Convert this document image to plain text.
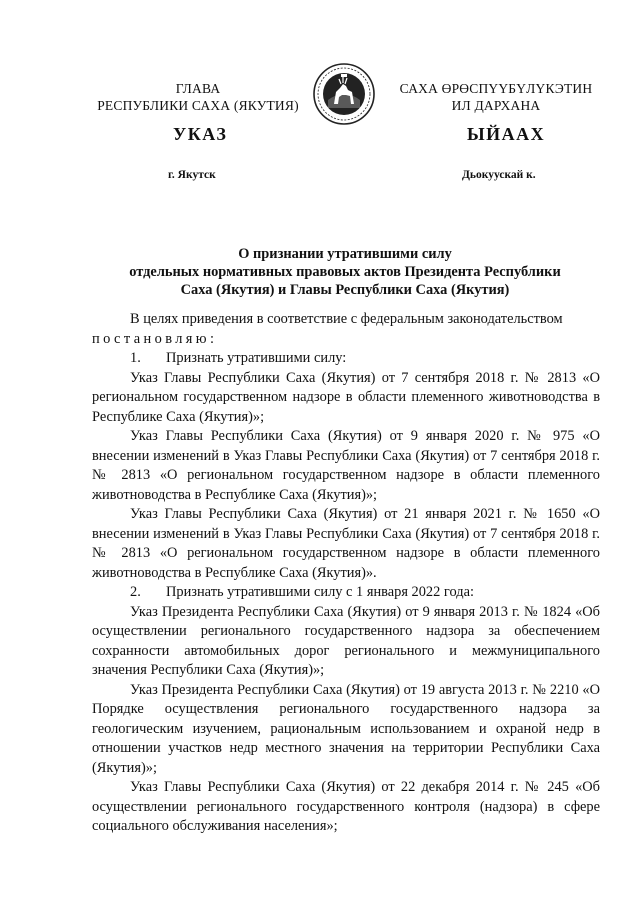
ГЛАВА
РЕСПУБЛИКИ САХА (ЯКУТИЯ)
САХА ӨРӨСПҮҮБҮЛҮКЭТИН
ИЛ ДАРХАНА
УКАЗ	ЫЙААХ
г. Якутск	Дьокуускай к.
О признании утратившими силу
отдельных нормативных правовых актов Президента Республики
Саха (Якутия) и Главы Республики Саха (Якутия)

В целях приведения в соответствие с федеральным законодательством

постановляю:

1. Признать утратившими силу:

Указ Главы Республики Саха (Якутия) от 7 сентября 2018 г. № 2813 «О региональном государственном надзоре в области племенного животноводства в Республике Саха (Якутия)»;

Указ Главы Республики Саха (Якутия) от 9 января 2020 г. № 975 «О внесении изменений в Указ Главы Республики Саха (Якутия) от 7 сентября 2018 г. № 2813 «О региональном государственном надзоре в области племенного животноводства в Республике Саха (Якутия)»;

Указ Главы Республики Саха (Якутия) от 21 января 2021 г. № 1650 «О внесении изменений в Указ Главы Республики Саха (Якутия) от 7 сентября 2018 г. № 2813 «О региональном государственном надзоре в области племенного животноводства в Республике Саха (Якутия)».

2. Признать утратившими силу с 1 января 2022 года:

Указ Президента Республики Саха (Якутия) от 9 января 2013 г. № 1824 «Об осуществлении регионального государственного надзора за обеспечением сохранности автомобильных дорог регионального и межмуниципального значения Республики Саха (Якутия)»;

Указ Президента Республики Саха (Якутия) от 19 августа 2013 г. № 2210 «О Порядке осуществления регионального государственного надзора за геологическим изучением, рациональным использованием и охраной недр в отношении участков недр местного значения на территории Республики Саха (Якутия)»;

Указ Главы Республики Саха (Якутия) от 22 декабря 2014 г. № 245 «Об осуществлении регионального государственного контроля (надзора) в сфере социального обслуживания населения»;
